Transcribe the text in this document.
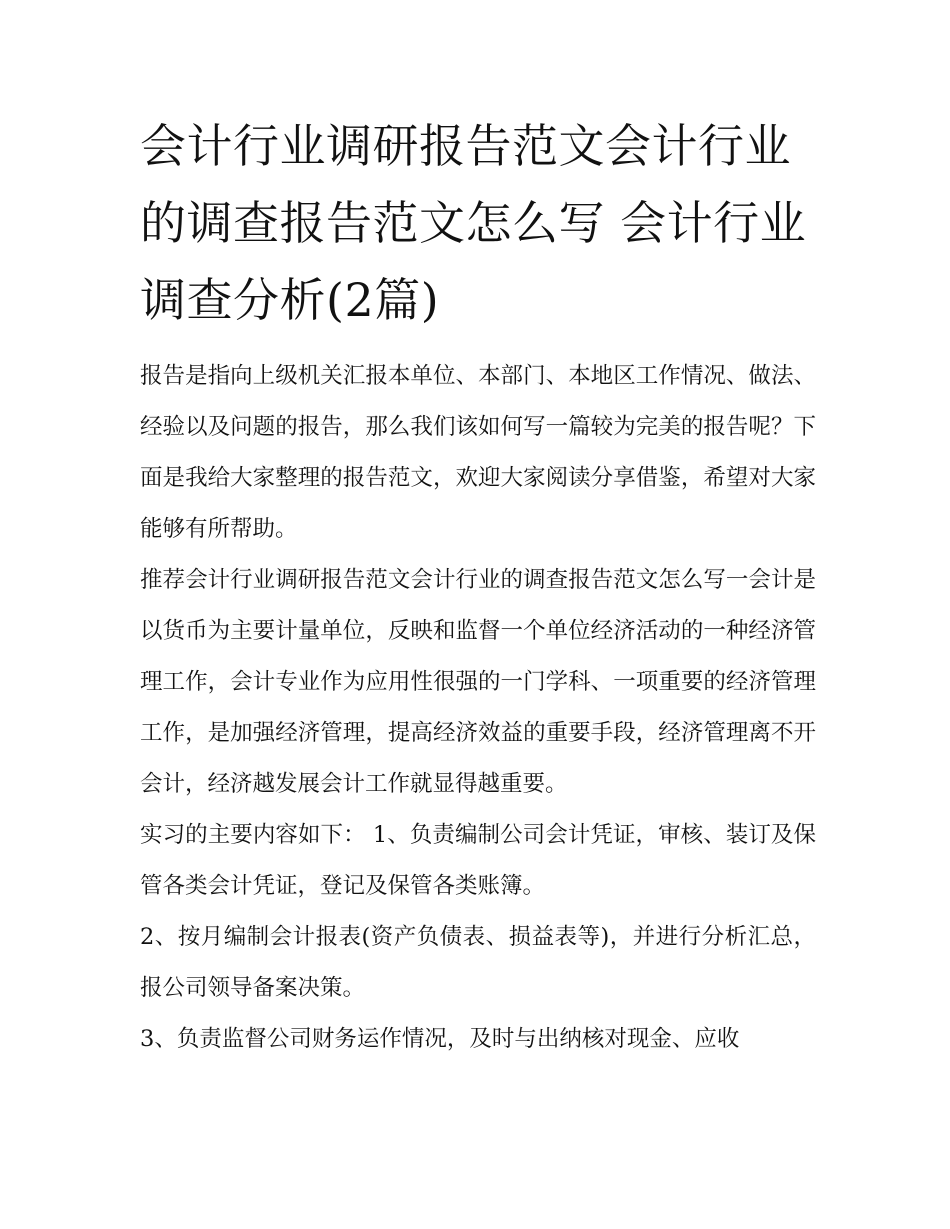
会计行业调研报告范文会计行业的调查报告范文怎么写 会计行业调查分析(2篇)

报告是指向上级机关汇报本单位、本部门、本地区工作情况、做法、经验以及问题的报告，那么我们该如何写一篇较为完美的报告呢？下面是我给大家整理的报告范文，欢迎大家阅读分享借鉴，希望对大家能够有所帮助。

推荐会计行业调研报告范文会计行业的调查报告范文怎么写一会计是以货币为主要计量单位，反映和监督一个单位经济活动的一种经济管理工作，会计专业作为应用性很强的一门学科、一项重要的经济管理工作，是加强经济管理，提高经济效益的重要手段，经济管理离不开会计，经济越发展会计工作就显得越重要。

实习的主要内容如下： 1、负责编制公司会计凭证，审核、装订及保管各类会计凭证，登记及保管各类账簿。

2、按月编制会计报表(资产负债表、损益表等)，并进行分析汇总，报公司领导备案决策。

3、负责监督公司财务运作情况，及时与出纳核对现金、应收
